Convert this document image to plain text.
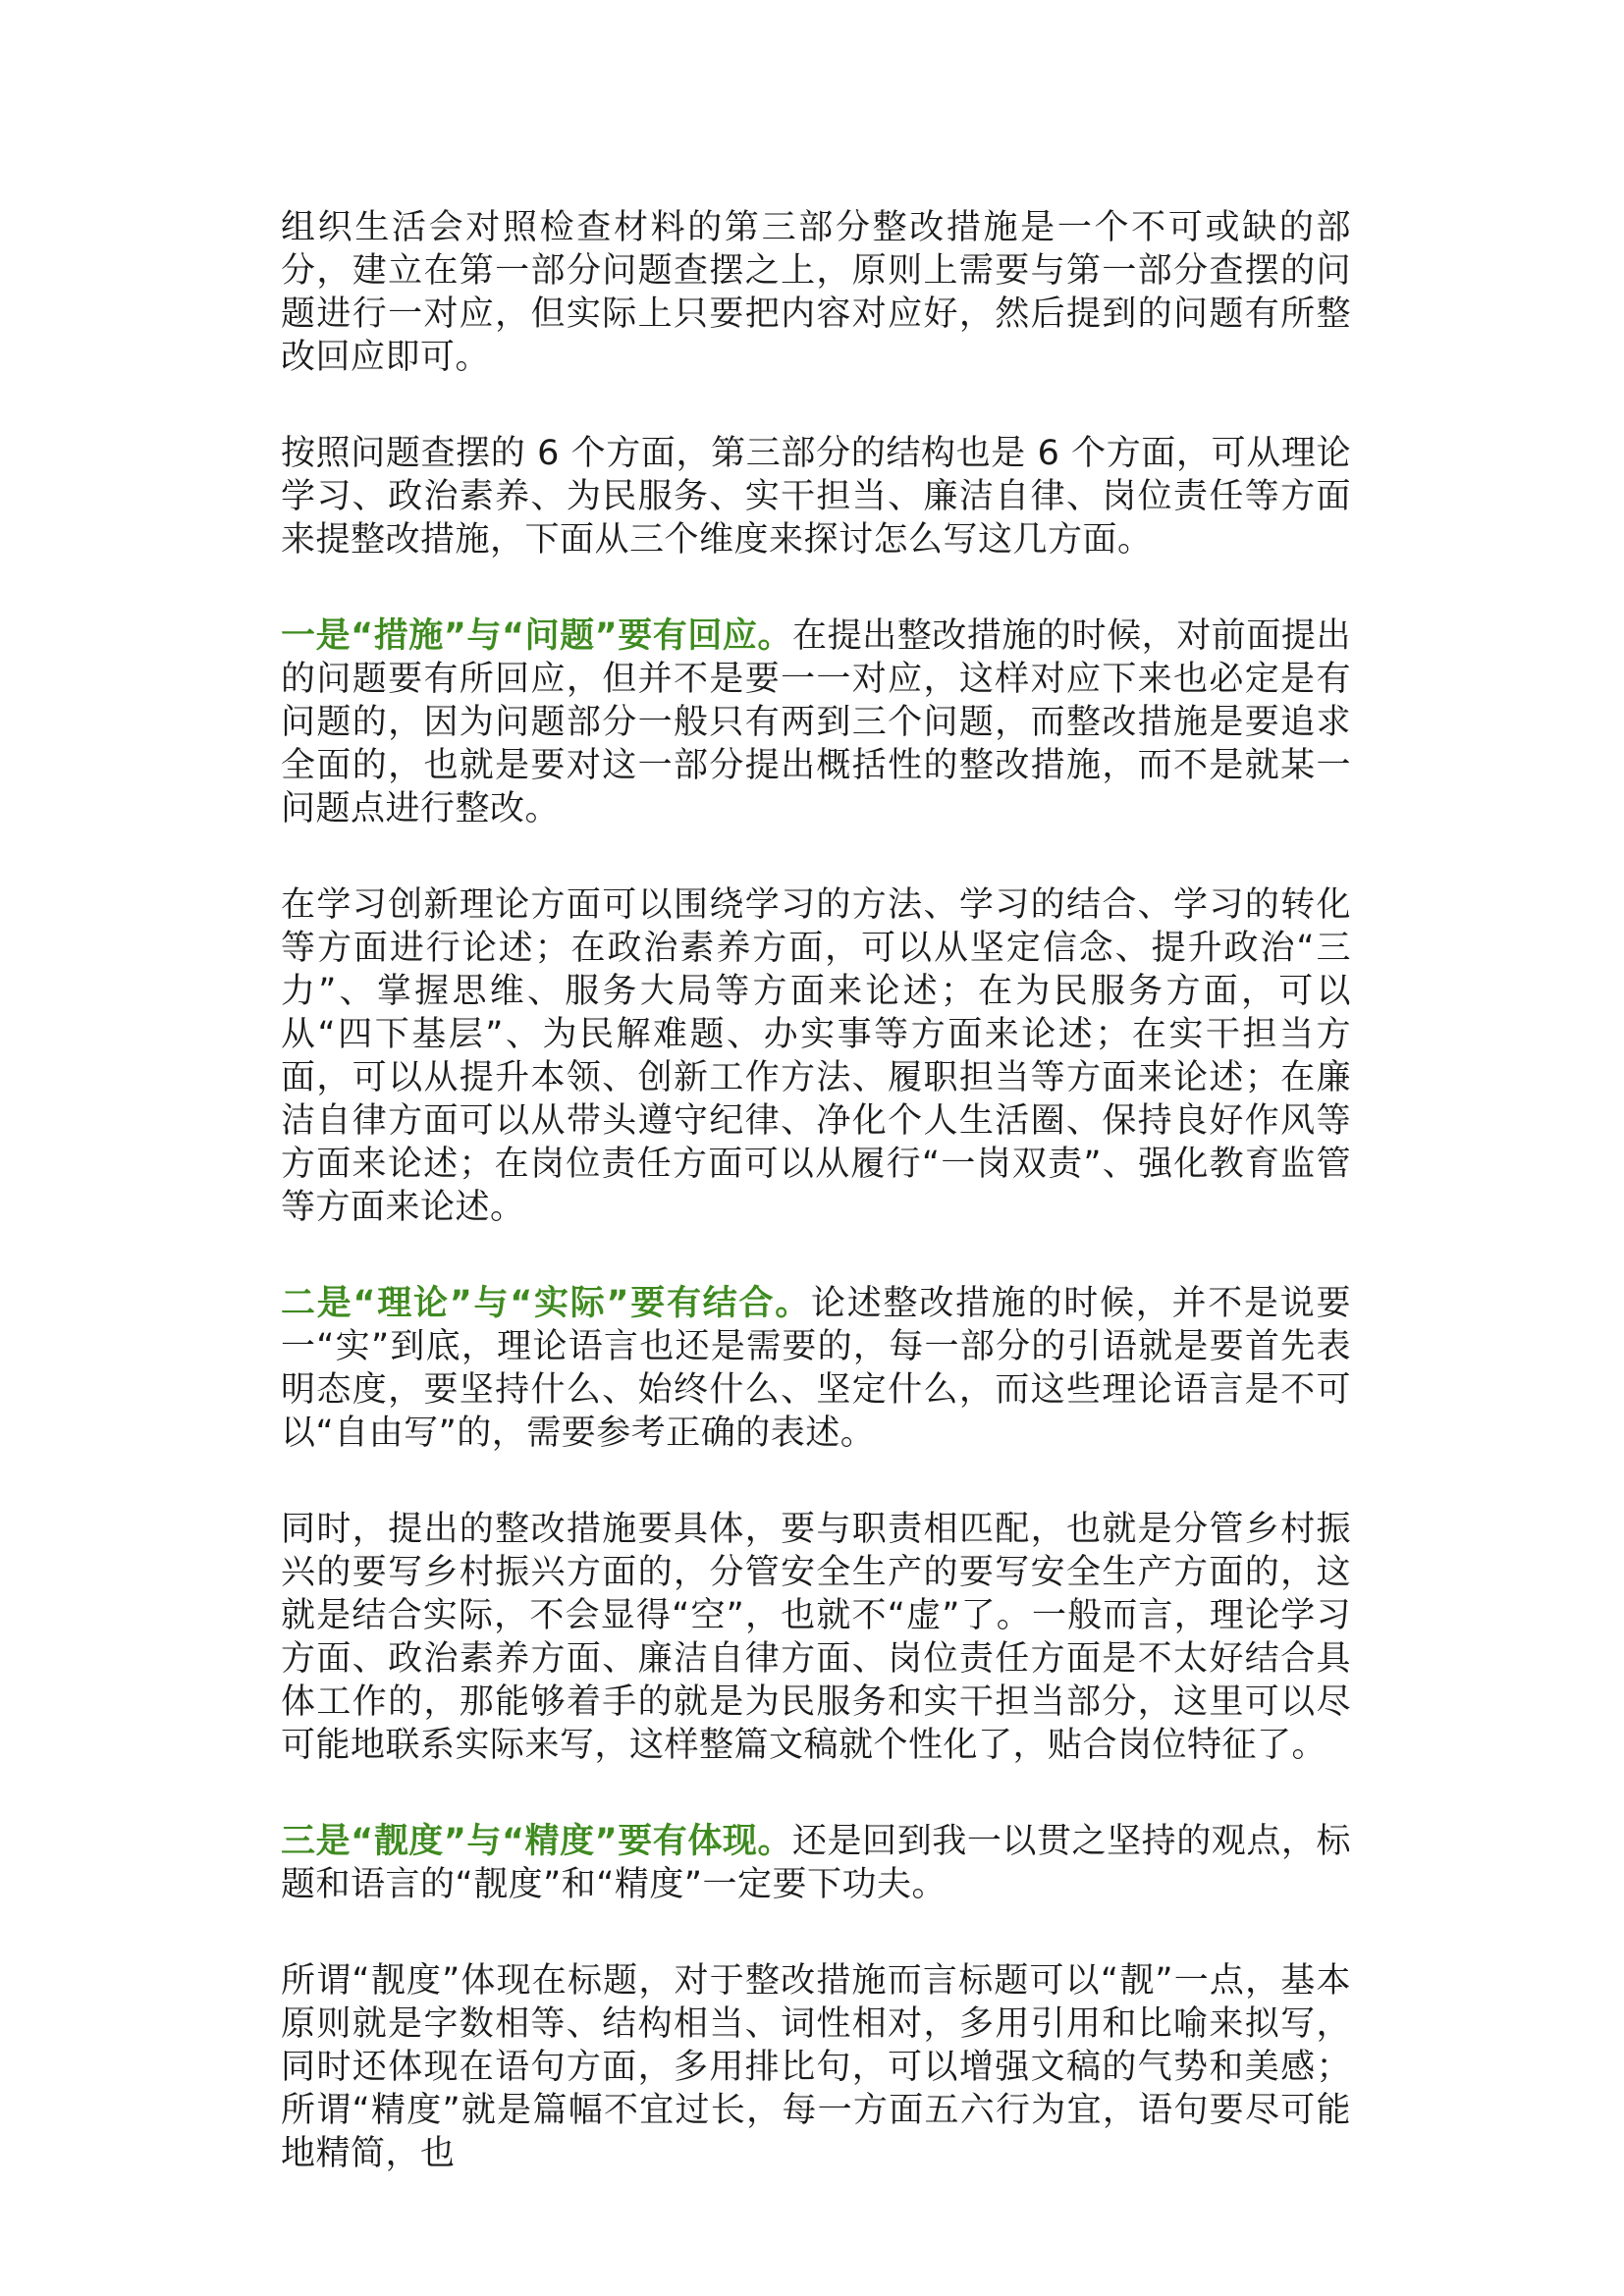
组织生活会对照检查材料的第三部分整改措施是一个不可或缺的部分，建立在第一部分问题查摆之上，原则上需要与第一部分查摆的问题进行一对应，但实际上只要把内容对应好，然后提到的问题有所整改回应即可。

按照问题查摆的 6 个方面，第三部分的结构也是 6 个方面，可从理论学习、政治素养、为民服务、实干担当、廉洁自律、岗位责任等方面来提整改措施，下面从三个维度来探讨怎么写这几方面。

一是“措施”与“问题”要有回应。在提出整改措施的时候，对前面提出的问题要有所回应，但并不是要一一对应，这样对应下来也必定是有问题的，因为问题部分一般只有两到三个问题，而整改措施是要追求全面的，也就是要对这一部分提出概括性的整改措施，而不是就某一问题点进行整改。

在学习创新理论方面可以围绕学习的方法、学习的结合、学习的转化等方面进行论述；在政治素养方面，可以从坚定信念、提升政治“三力”、掌握思维、服务大局等方面来论述；在为民服务方面，可以从“四下基层”、为民解难题、办实事等方面来论述；在实干担当方面，可以从提升本领、创新工作方法、履职担当等方面来论述；在廉洁自律方面可以从带头遵守纪律、净化个人生活圈、保持良好作风等方面来论述；在岗位责任方面可以从履行“一岗双责”、强化教育监管等方面来论述。

二是“理论”与“实际”要有结合。论述整改措施的时候，并不是说要一“实”到底，理论语言也还是需要的，每一部分的引语就是要首先表明态度，要坚持什么、始终什么、坚定什么，而这些理论语言是不可以“自由写”的，需要参考正确的表述。

同时，提出的整改措施要具体，要与职责相匹配，也就是分管乡村振兴的要写乡村振兴方面的，分管安全生产的要写安全生产方面的，这就是结合实际，不会显得“空”，也就不“虚”了。一般而言，理论学习方面、政治素养方面、廉洁自律方面、岗位责任方面是不太好结合具体工作的，那能够着手的就是为民服务和实干担当部分，这里可以尽可能地联系实际来写，这样整篇文稿就个性化了，贴合岗位特征了。

三是“靓度”与“精度”要有体现。还是回到我一以贯之坚持的观点，标题和语言的“靓度”和“精度”一定要下功夫。

所谓“靓度”体现在标题，对于整改措施而言标题可以“靓”一点，基本原则就是字数相等、结构相当、词性相对，多用引用和比喻来拟写，同时还体现在语句方面，多用排比句，可以增强文稿的气势和美感；所谓“精度”就是篇幅不宜过长，每一方面五六行为宜，语句要尽可能地精简，也
